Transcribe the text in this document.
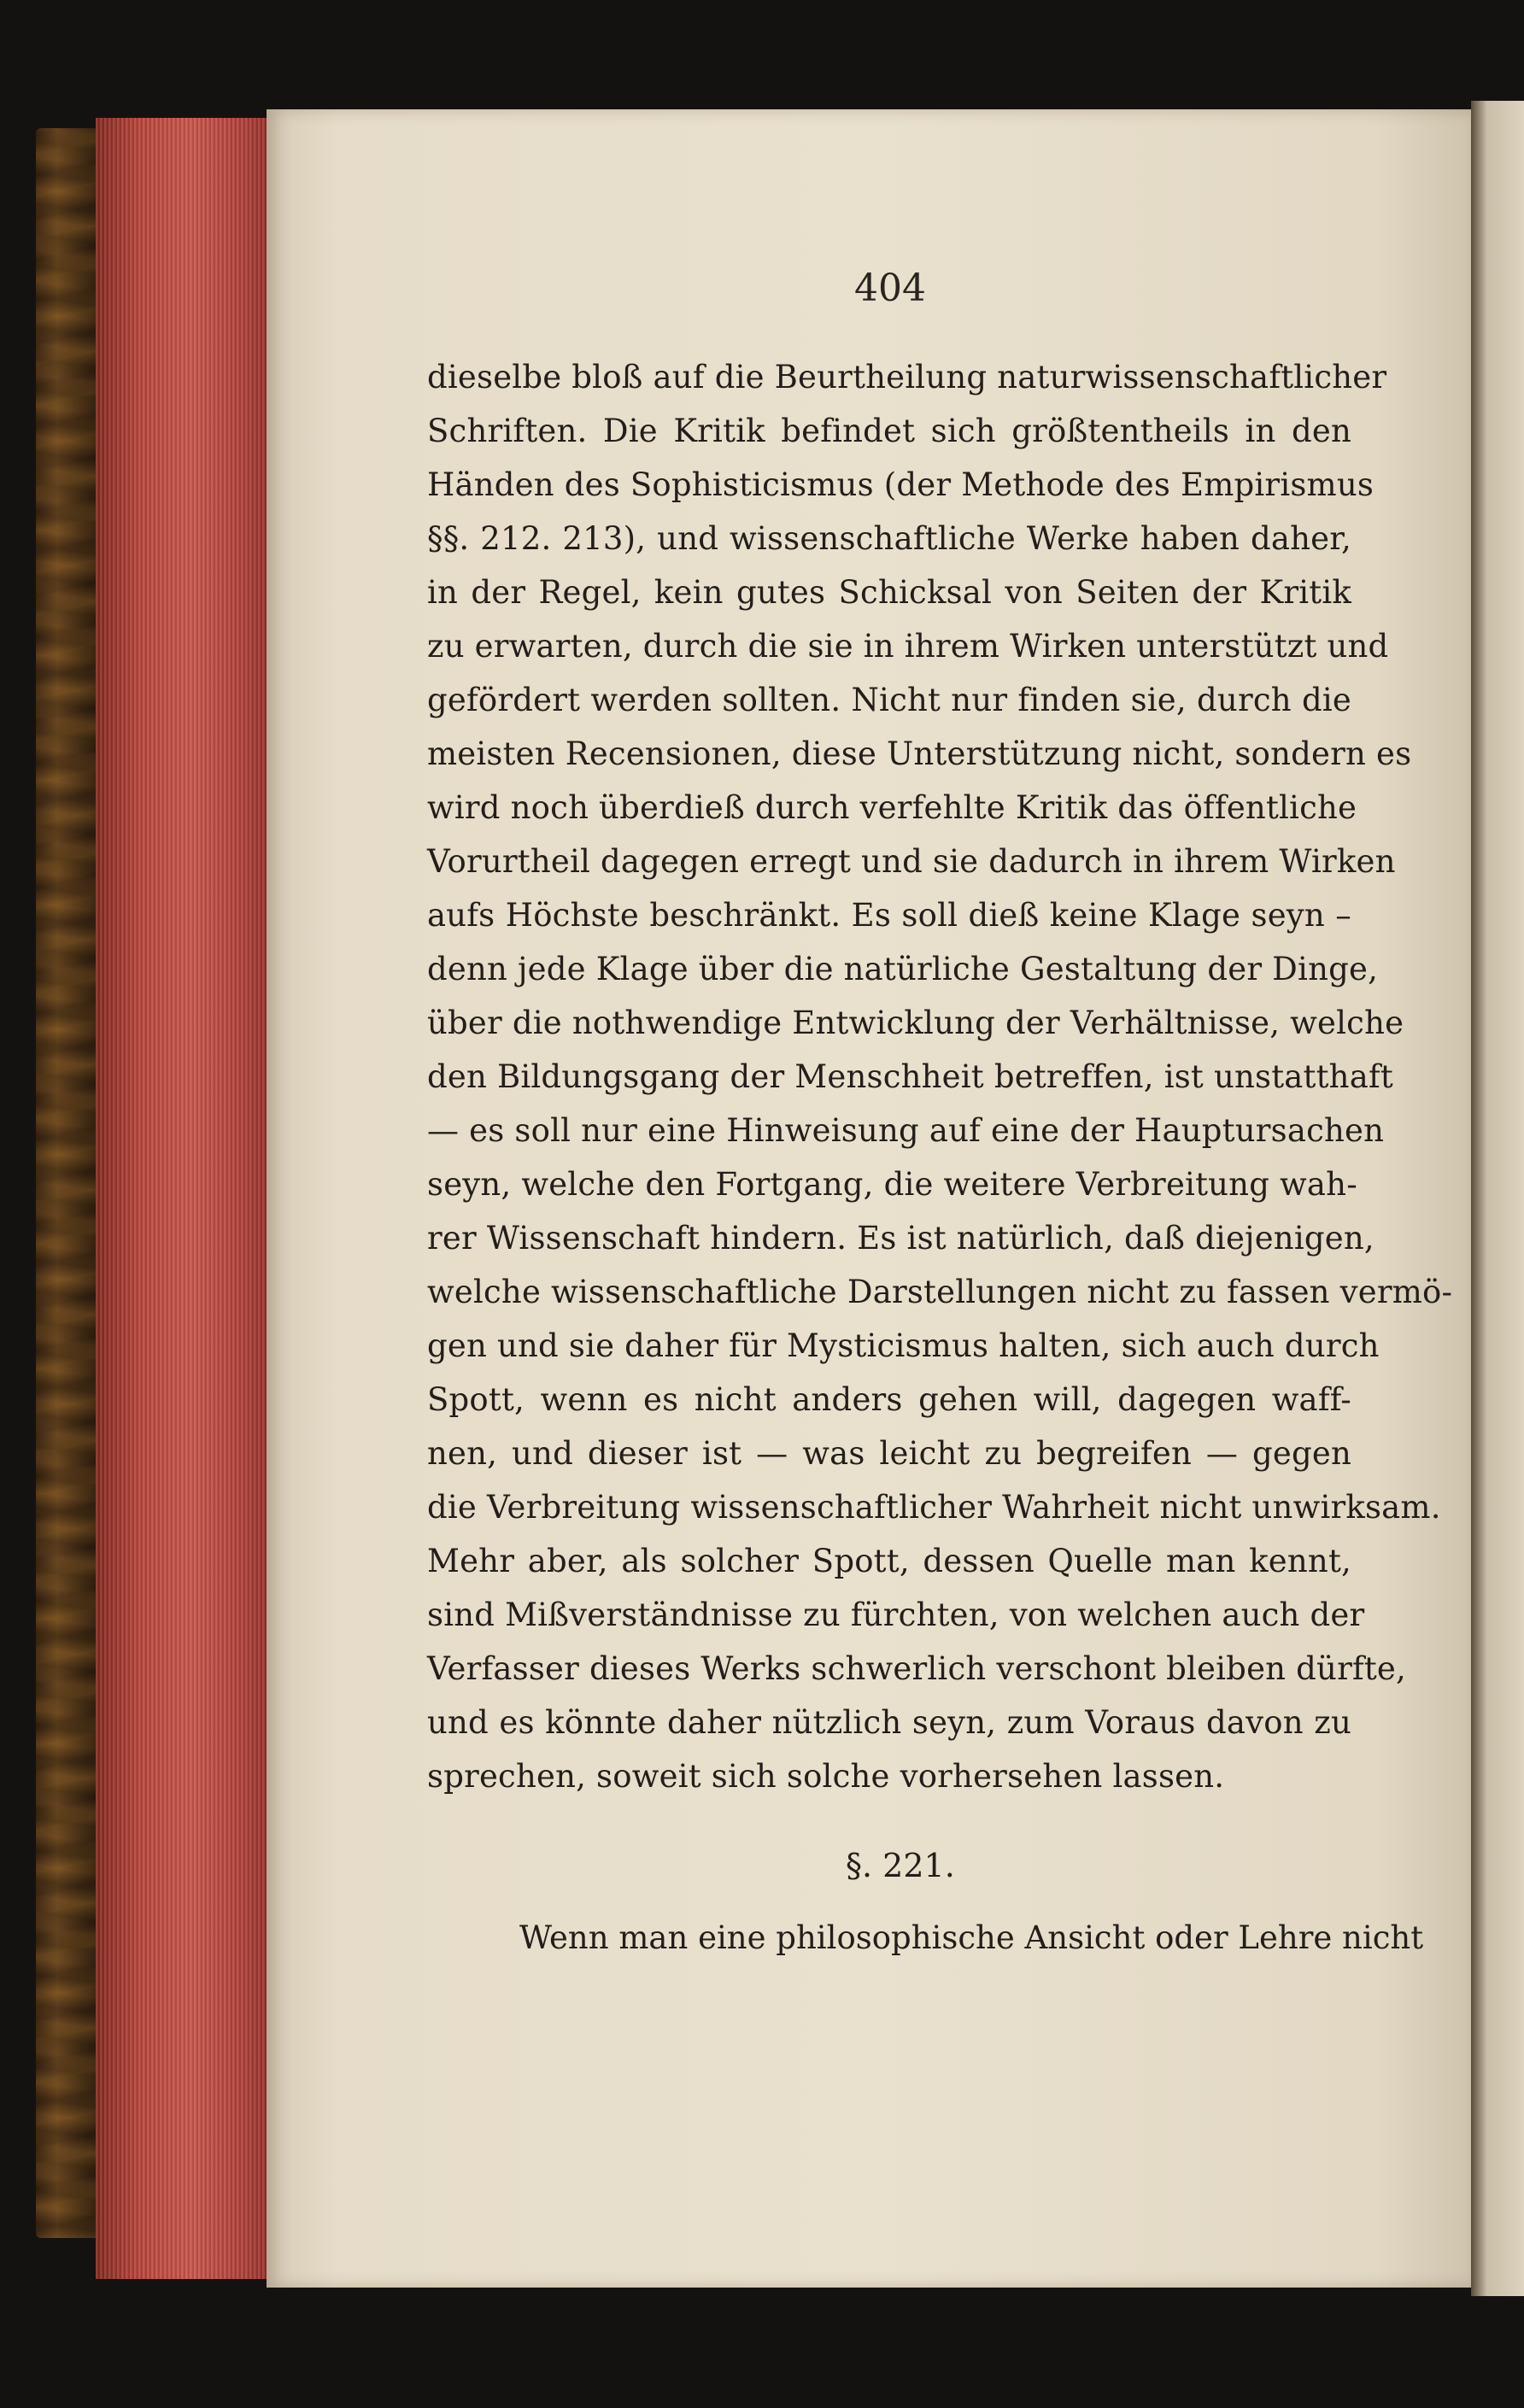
404
dieselbe bloß auf die Beurtheilung naturwissenschaftlicher
Schriften. Die Kritik befindet sich größtentheils in den
Händen des Sophisticismus (der Methode des Empirismus
§§. 212. 213), und wissenschaftliche Werke haben daher,
in der Regel, kein gutes Schicksal von Seiten der Kritik
zu erwarten, durch die sie in ihrem Wirken unterstützt und
gefördert werden sollten. Nicht nur finden sie, durch die
meisten Recensionen, diese Unterstützung nicht, sondern es
wird noch überdieß durch verfehlte Kritik das öffentliche
Vorurtheil dagegen erregt und sie dadurch in ihrem Wirken
aufs Höchste beschränkt. Es soll dieß keine Klage seyn –
denn jede Klage über die natürliche Gestaltung der Dinge,
über die nothwendige Entwicklung der Verhältnisse, welche
den Bildungsgang der Menschheit betreffen, ist unstatthaft
— es soll nur eine Hinweisung auf eine der Hauptursachen
seyn, welche den Fortgang, die weitere Verbreitung wah-
rer Wissenschaft hindern. Es ist natürlich, daß diejenigen,
welche wissenschaftliche Darstellungen nicht zu fassen vermö-
gen und sie daher für Mysticismus halten, sich auch durch
Spott, wenn es nicht anders gehen will, dagegen waff-
nen, und dieser ist — was leicht zu begreifen — gegen
die Verbreitung wissenschaftlicher Wahrheit nicht unwirksam.
Mehr aber, als solcher Spott, dessen Quelle man kennt,
sind Mißverständnisse zu fürchten, von welchen auch der
Verfasser dieses Werks schwerlich verschont bleiben dürfte,
und es könnte daher nützlich seyn, zum Voraus davon zu
sprechen, soweit sich solche vorhersehen lassen.
§. 221.
Wenn man eine philosophische Ansicht oder Lehre nicht
